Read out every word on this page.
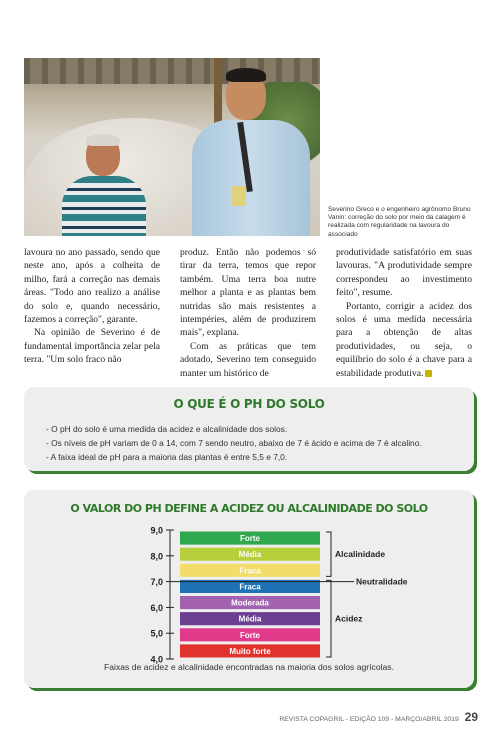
Severino Greco e o engenheiro agrônomo Bruno Vanin: correção do solo por meio da calagem é realizada com regularidade na lavoura do associado

lavoura no ano passado, sendo que neste ano, após a colheita de milho, fará a correção nas demais áreas. "Todo ano realizo a análise do solo e, quando necessário, fazemos a correção", garante.

Na opinião de Severino é de fundamental importância zelar pela terra. "Um solo fraco não

produz. Então não podemos só tirar da terra, temos que repor também. Uma terra boa nutre melhor a planta e as plantas bem nutridas são mais resistentes a intempéries, além de produzirem mais", explana.

Com as práticas que tem adotado, Severino tem conseguido manter um histórico de

produtividade satisfatório em suas lavouras. "A produtividade sempre correspondeu ao investimento feito", resume.

Portanto, corrigir a acidez dos solos é uma medida necessária para a obtenção de altas produtividades, ou seja, o equilíbrio do solo é a chave para a estabilidade produtiva.

O QUE É O PH DO SOLO
- O pH do solo é uma medida da acidez e alcalinidade dos solos.
- Os níveis de pH variam de 0 a 14, com 7 sendo neutro, abaixo de 7 é ácido e acima de 7 é alcalino.
- A faixa ideal de pH para a maioria das plantas é entre 5,5 e 7,0.
O VALOR DO PH DEFINE A ACIDEZ OU ALCALINIDADE DO SOLO
9,0
8,0
7,0
6,0
5,0
4,0
Forte
Média
Fraca
Fraca
Moderada
Média
Forte
Muito forte
Alcalinidade
Neutralidade
Acidez
Faixas de acidez e alcalinidade encontradas na maioria dos solos agrícolas.
REVISTA COPAGRIL - EDIÇÃO 109 - MARÇO/ABRIL 2019 29
